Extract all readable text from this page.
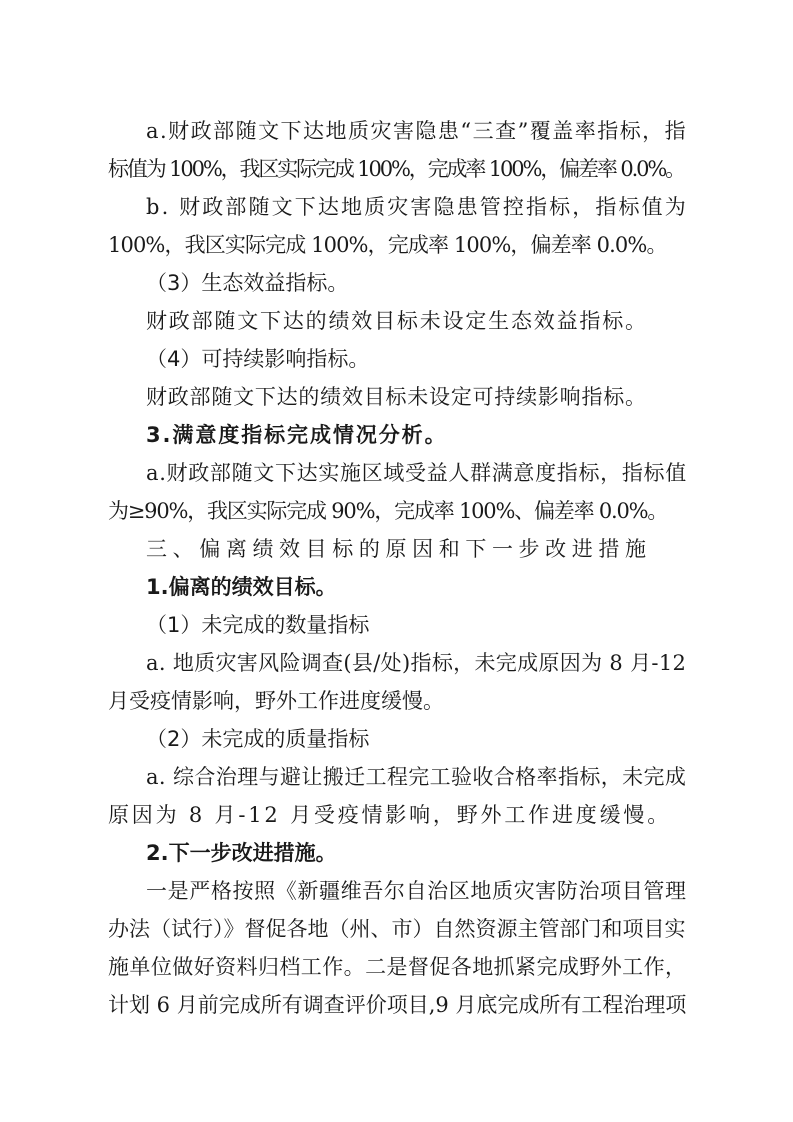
a.财政部随文下达地质灾害隐患“三查”覆盖率指标，指
标值为 100%，我区实际完成 100%，完成率 100%，偏差率 0.0%。
b. 财政部随文下达地质灾害隐患管控指标，指标值为
100%，我区实际完成 100%，完成率 100%，偏差率 0.0%。
（3）生态效益指标。
财政部随文下达的绩效目标未设定生态效益指标。
（4）可持续影响指标。
财政部随文下达的绩效目标未设定可持续影响指标。
3.满意度指标完成情况分析。
a.财政部随文下达实施区域受益人群满意度指标，指标值
为≥90%，我区实际完成 90%，完成率 100%、偏差率 0.0%。
三、偏离绩效目标的原因和下一步改进措施
1.偏离的绩效目标。
（1）未完成的数量指标
a. 地质灾害风险调查(县/处)指标，未完成原因为 8 月-12
月受疫情影响，野外工作进度缓慢。
（2）未完成的质量指标
a. 综合治理与避让搬迁工程完工验收合格率指标，未完成
原因为 8 月-12 月受疫情影响，野外工作进度缓慢。
2.下一步改进措施。
一是严格按照《新疆维吾尔自治区地质灾害防治项目管理
办法（试行）》督促各地（州、市）自然资源主管部门和项目实
施单位做好资料归档工作。二是督促各地抓紧完成野外工作，
计划 6 月前完成所有调查评价项目,9 月底完成所有工程治理项
